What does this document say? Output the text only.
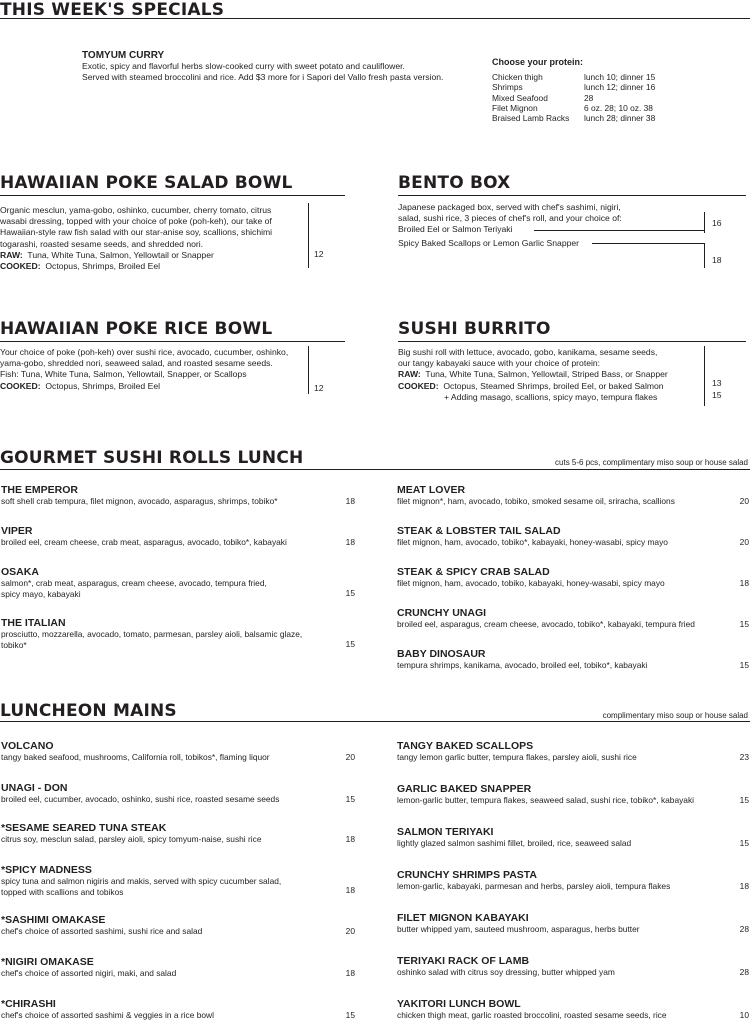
THIS WEEK'S SPECIALS
TOMYUM CURRY
Exotic, spicy and flavorful herbs slow-cooked curry with sweet potato and cauliflower.
Served with steamed broccolini and rice. Add $3 more for i Sapori del Vallo fresh pasta version.
Choose your protein:
Chicken thigh	lunch 10; dinner 15
Shrimps	lunch 12; dinner 16
Mixed Seafood	28
Filet Mignon	6 oz. 28; 10 oz. 38
Braised Lamb Racks	lunch 28; dinner 38
HAWAIIAN POKE SALAD BOWL
Organic mesclun, yama-gobo, oshinko, cucumber, cherry tomato, citrus
wasabi dressing, topped with your choice of poke (poh-keh), our take of
Hawaiian-style raw fish salad with our star-anise soy, scallions, shichimi
togarashi, roasted sesame seeds, and shredded nori.
RAW: Tuna, White Tuna, Salmon, Yellowtail or Snapper
COOKED: Octopus, Shrimps, Broiled Eel
12
BENTO BOX
Japanese packaged box, served with chef's sashimi, nigiri,
salad, sushi rice, 3 pieces of chef's roll, and your choice of:
Broiled Eel or Salmon Teriyaki
Spicy Baked Scallops or Lemon Garlic Snapper
16
18
HAWAIIAN POKE RICE BOWL
Your choice of poke (poh-keh) over sushi rice, avocado, cucumber, oshinko,
yama-gobo, shredded nori, seaweed salad, and roasted sesame seeds.
Fish: Tuna, White Tuna, Salmon, Yellowtail, Snapper, or Scallops
COOKED: Octopus, Shrimps, Broiled Eel	12
SUSHI BURRITO
Big sushi roll with lettuce, avocado, gobo, kanikama, sesame seeds,
our tangy kabayaki sauce with your choice of protein:
RAW: Tuna, White Tuna, Salmon, Yellowtail, Striped Bass, or Snapper
COOKED: Octopus, Steamed Shrimps, broiled Eel, or baked Salmon
+ Adding masago, scallions, spicy mayo, tempura flakes
13
15
GOURMET SUSHI ROLLS LUNCH	cuts 5-6 pcs, complimentary miso soup or house salad
THE EMPEROR
soft shell crab tempura, filet mignon, avocado, asparagus, shrimps, tobiko*	18
VIPER
broiled eel, cream cheese, crab meat, asparagus, avocado, tobiko*, kabayaki	18
OSAKA
salmon*, crab meat, asparagus, cream cheese, avocado, tempura fried,
spicy mayo, kabayaki	15
THE ITALIAN
prosciutto, mozzarella, avocado, tomato, parmesan, parsley aioli, balsamic glaze,
tobiko*	15
MEAT LOVER
filet mignon*, ham, avocado, tobiko, smoked sesame oil, sriracha, scallions	20
STEAK & LOBSTER TAIL SALAD
filet mignon, ham, avocado, tobiko*, kabayaki, honey-wasabi, spicy mayo	20
STEAK & SPICY CRAB SALAD
filet mignon, ham, avocado, tobiko, kabayaki, honey-wasabi, spicy mayo	18
CRUNCHY UNAGI
broiled eel, asparagus, cream cheese, avocado, tobiko*, kabayaki, tempura fried	15
BABY DINOSAUR
tempura shrimps, kanikama, avocado, broiled eel, tobiko*, kabayaki	15
LUNCHEON MAINS	complimentary miso soup or house salad
VOLCANO
tangy baked seafood, mushrooms, California roll, tobikos*, flaming liquor	20
UNAGI - DON
broiled eel, cucumber, avocado, oshinko, sushi rice, roasted sesame seeds	15
*SESAME SEARED TUNA STEAK
citrus soy, mesclun salad, parsley aioli, spicy tomyum-naise, sushi rice	18
*SPICY MADNESS
spicy tuna and salmon nigiris and makis, served with spicy cucumber salad,
topped with scallions and tobikos	18
*SASHIMI OMAKASE
chef's choice of assorted sashimi, sushi rice and salad	20
*NIGIRI OMAKASE
chef's choice of assorted nigiri, maki, and salad	18
*CHIRASHI
chef's choice of assorted sashimi & veggies in a rice bowl	15
TANGY BAKED SCALLOPS
tangy lemon garlic butter, tempura flakes, parsley aioli, sushi rice	23
GARLIC BAKED SNAPPER
lemon-garlic butter, tempura flakes, seaweed salad, sushi rice, tobiko*, kabayaki	15
SALMON TERIYAKI
lightly glazed salmon sashimi fillet, broiled, rice, seaweed salad	15
CRUNCHY SHRIMPS PASTA
lemon-garlic, kabayaki, parmesan and herbs, parsley aioli, tempura flakes	18
FILET MIGNON KABAYAKI
butter whipped yam, sauteed mushroom, asparagus, herbs butter	28
TERIYAKI RACK OF LAMB
oshinko salad with citrus soy dressing, butter whipped yam	28
YAKITORI LUNCH BOWL
chicken thigh meat, garlic roasted broccolini, roasted sesame seeds, rice	10
